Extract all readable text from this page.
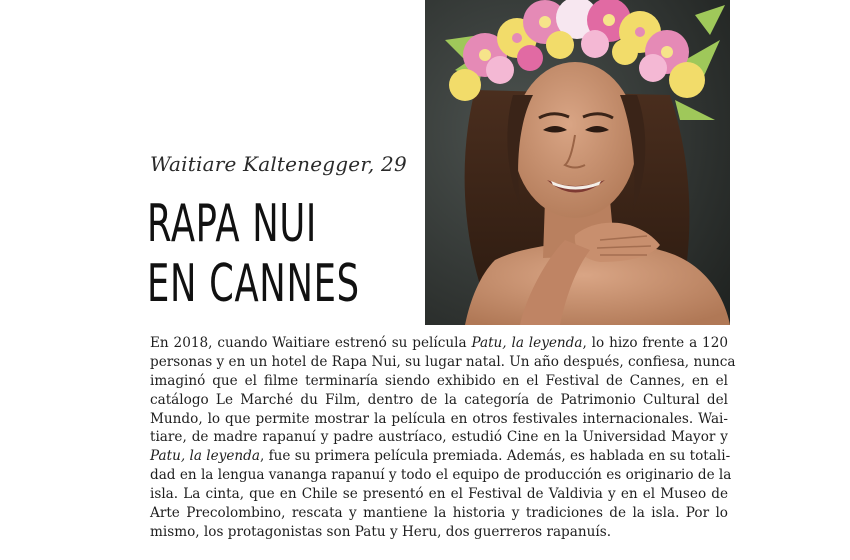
Waitiare Kaltenegger, 29
RAPA NUI
EN CANNES
En 2018, cuando Waitiare estrenó su película Patu, la leyenda, lo hizo frente a 120
personas y en un hotel de Rapa Nui, su lugar natal. Un año después, confiesa, nunca
imaginó que el filme terminaría siendo exhibido en el Festival de Cannes, en el
catálogo Le Marché du Film, dentro de la categoría de Patrimonio Cultural del
Mundo, lo que permite mostrar la película en otros festivales internacionales. Wai-
tiare, de madre rapanuí y padre austríaco, estudió Cine en la Universidad Mayor y
Patu, la leyenda, fue su primera película premiada. Además, es hablada en su totali-
dad en la lengua vananga rapanuí y todo el equipo de producción es originario de la
isla. La cinta, que en Chile se presentó en el Festival de Valdivia y en el Museo de
Arte Precolombino, rescata y mantiene la historia y tradiciones de la isla. Por lo
mismo, los protagonistas son Patu y Heru, dos guerreros rapanuís.
